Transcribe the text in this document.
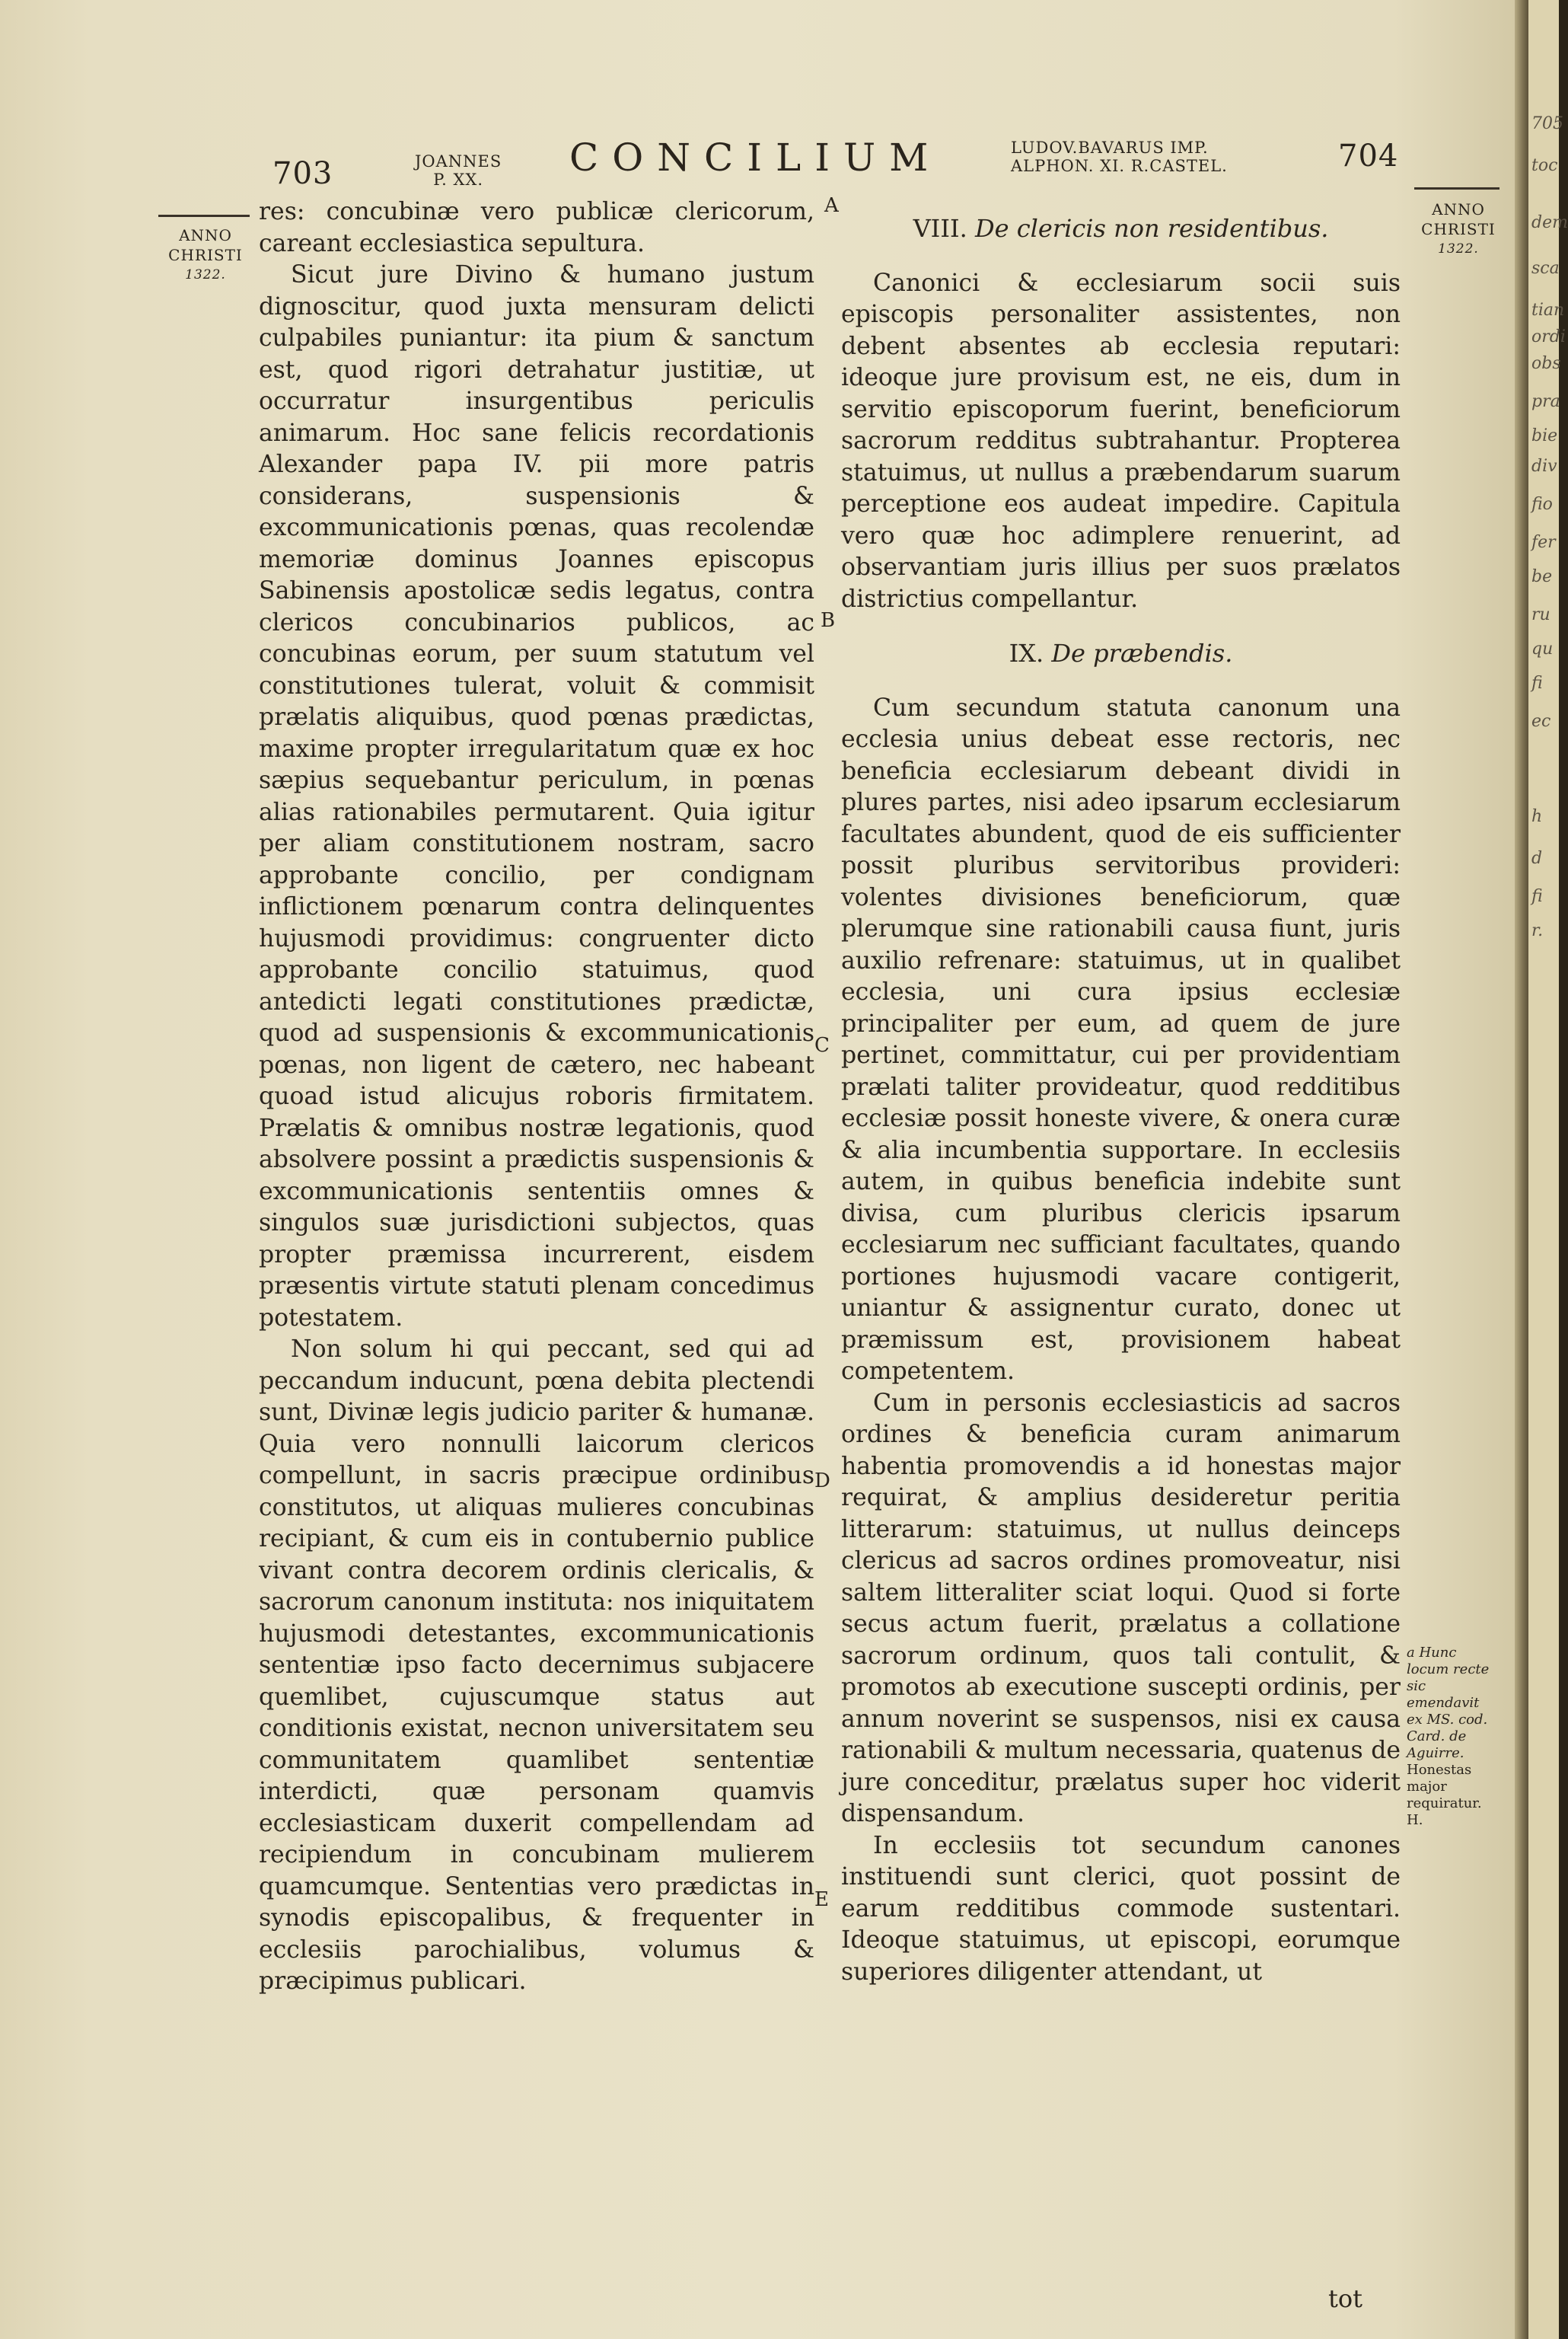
703	JOANNES
P. XX.	CONCILIUM	LUDOV.BAVARUS IMP.
ALPHON. XI. R.CASTEL.	704
ANNO
CHRISTI
1322.
ANNO
CHRISTI
1322.

res: concubinæ vero publicæ clericorum, careant ecclesiastica sepultura.

Sicut jure Divino & humano justum dignoscitur, quod juxta mensuram delicti culpabiles puniantur: ita pium & sanctum est, quod rigori detrahatur justitiæ, ut occurratur insurgentibus periculis animarum. Hoc sane felicis recordationis Alexander papa IV. pii more patris considerans, suspensionis & excommunicationis pœnas, quas recolendæ memoriæ dominus Joannes episcopus Sabinensis apostolicæ sedis legatus, contra clericos concubinarios publicos, ac concubinas eorum, per suum statutum vel constitutiones tulerat, voluit & commisit prælatis aliquibus, quod pœnas prædictas, maxime propter irregularitatum quæ ex hoc sæpius sequebantur periculum, in pœnas alias rationabiles permutarent. Quia igitur per aliam constitutionem nostram, sacro approbante concilio, per condignam inflictionem pœnarum contra delinquentes hujusmodi providimus: congruenter dicto approbante concilio statuimus, quod antedicti legati constitutiones prædictæ, quod ad suspensionis & excommunicationis pœnas, non ligent de cætero, nec habeant quoad istud alicujus roboris firmitatem. Prælatis & omnibus nostræ legationis, quod absolvere possint a prædictis suspensionis & excommunicationis sententiis omnes & singulos suæ jurisdictioni subjectos, quas propter præmissa incurrerent, eisdem præsentis virtute statuti plenam concedimus potestatem.

Non solum hi qui peccant, sed qui ad peccandum inducunt, pœna debita plectendi sunt, Divinæ legis judicio pariter & humanæ. Quia vero nonnulli laicorum clericos compellunt, in sacris præcipue ordinibus constitutos, ut aliquas mulieres concubinas recipiant, & cum eis in contubernio publice vivant contra decorem ordinis clericalis, & sacrorum canonum instituta: nos iniquitatem hujusmodi detestantes, excommunicationis sententiæ ipso facto decernimus subjacere quemlibet, cujuscumque status aut conditionis existat, necnon universitatem seu communitatem quamlibet sententiæ interdicti, quæ personam quamvis ecclesiasticam duxerit compellendam ad recipiendum in concubinam mulierem quamcumque. Sententias vero prædictas in synodis episcopalibus, & frequenter in ecclesiis parochialibus, volumus & præcipimus publicari.

VIII. De clericis non residentibus.

Canonici & ecclesiarum socii suis episcopis personaliter assistentes, non debent absentes ab ecclesia reputari: ideoque jure provisum est, ne eis, dum in servitio episcoporum fuerint, beneficiorum sacrorum redditus subtrahantur. Propterea statuimus, ut nullus a præbendarum suarum perceptione eos audeat impedire. Capitula vero quæ hoc adimplere renuerint, ad observantiam juris illius per suos prælatos districtius compellantur.

IX. De præbendis.

Cum secundum statuta canonum una ecclesia unius debeat esse rectoris, nec beneficia ecclesiarum debeant dividi in plures partes, nisi adeo ipsarum ecclesiarum facultates abundent, quod de eis sufficienter possit pluribus servitoribus provideri: volentes divisiones beneficiorum, quæ plerumque sine rationabili causa fiunt, juris auxilio refrenare: statuimus, ut in qualibet ecclesia, uni cura ipsius ecclesiæ principaliter per eum, ad quem de jure pertinet, committatur, cui per providentiam prælati taliter provideatur, quod redditibus ecclesiæ possit honeste vivere, & onera curæ & alia incumbentia supportare. In ecclesiis autem, in quibus beneficia indebite sunt divisa, cum pluribus clericis ipsarum ecclesiarum nec sufficiant facultates, quando portiones hujusmodi vacare contigerit, uniantur & assignentur curato, donec ut præmissum est, provisionem habeat competentem.

Cum in personis ecclesiasticis ad sacros ordines & beneficia curam animarum habentia promovendis a id honestas major requirat, & amplius desideretur peritia litterarum: statuimus, ut nullus deinceps clericus ad sacros ordines promoveatur, nisi saltem litteraliter sciat loqui. Quod si forte secus actum fuerit, prælatus a collatione sacrorum ordinum, quos tali contulit, & promotos ab executione suscepti ordinis, per annum noverint se suspensos, nisi ex causa rationabili & multum necessaria, quatenus de jure conceditur, prælatus super hoc viderit dispensandum.

In ecclesiis tot secundum canones instituendi sunt clerici, quot possint de earum redditibus commode sustentari. Ideoque statuimus, ut episcopi, eorumque superiores diligenter attendant, ut

A
B
C
D
E
a Hunc locum recte sic emendavit ex MS. cod. Card. de Aguirre. Honestas major requiratur. H.
tot
705
toc
dem
sca
tian
ordi
obs
pra
bie
div
fio
fer
be
ru
qu
fi
ec
h
d
fi
r.
